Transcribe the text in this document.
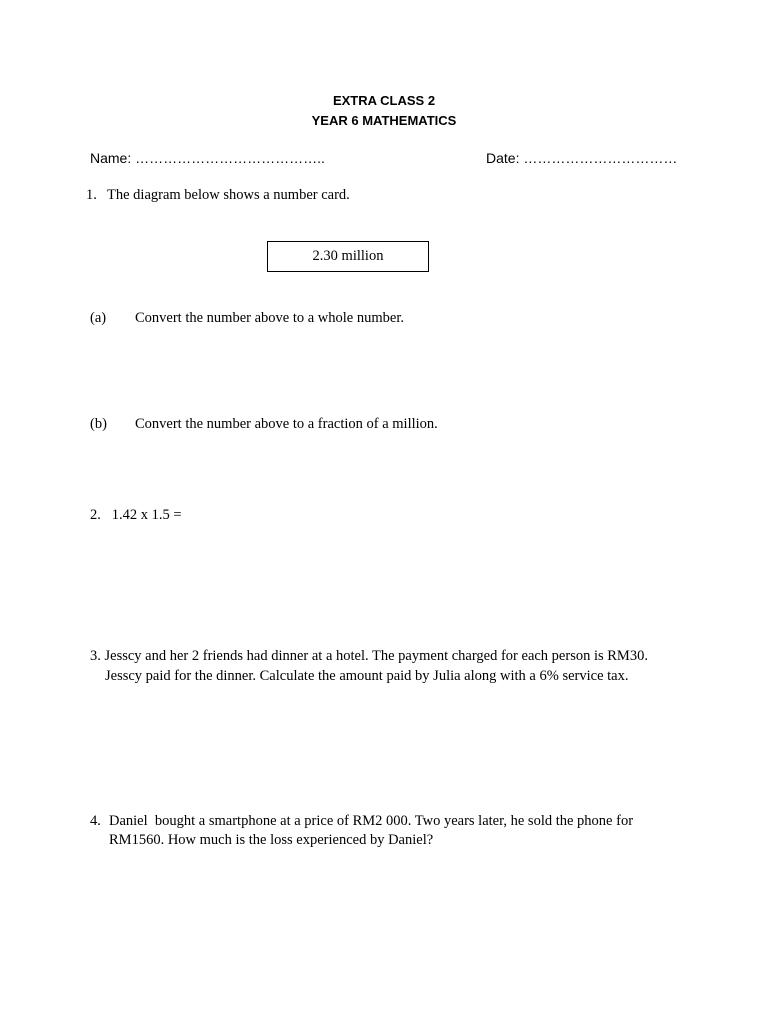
EXTRA CLASS 2
YEAR 6 MATHEMATICS
Name: …………………………………..	Date: ……………………………
1. The diagram below shows a number card.
2.30 million
(a) Convert the number above to a whole number.
(b) Convert the number above to a fraction of a million.
2.   1.42 x 1.5 =
3. Jesscy and her 2 friends had dinner at a hotel. The payment charged for each person is RM30.
Jesscy paid for the dinner. Calculate the amount paid by Julia along with a 6% service tax.
4. Daniel  bought a smartphone at a price of RM2 000. Two years later, he sold the phone for
RM1560. How much is the loss experienced by Daniel?
